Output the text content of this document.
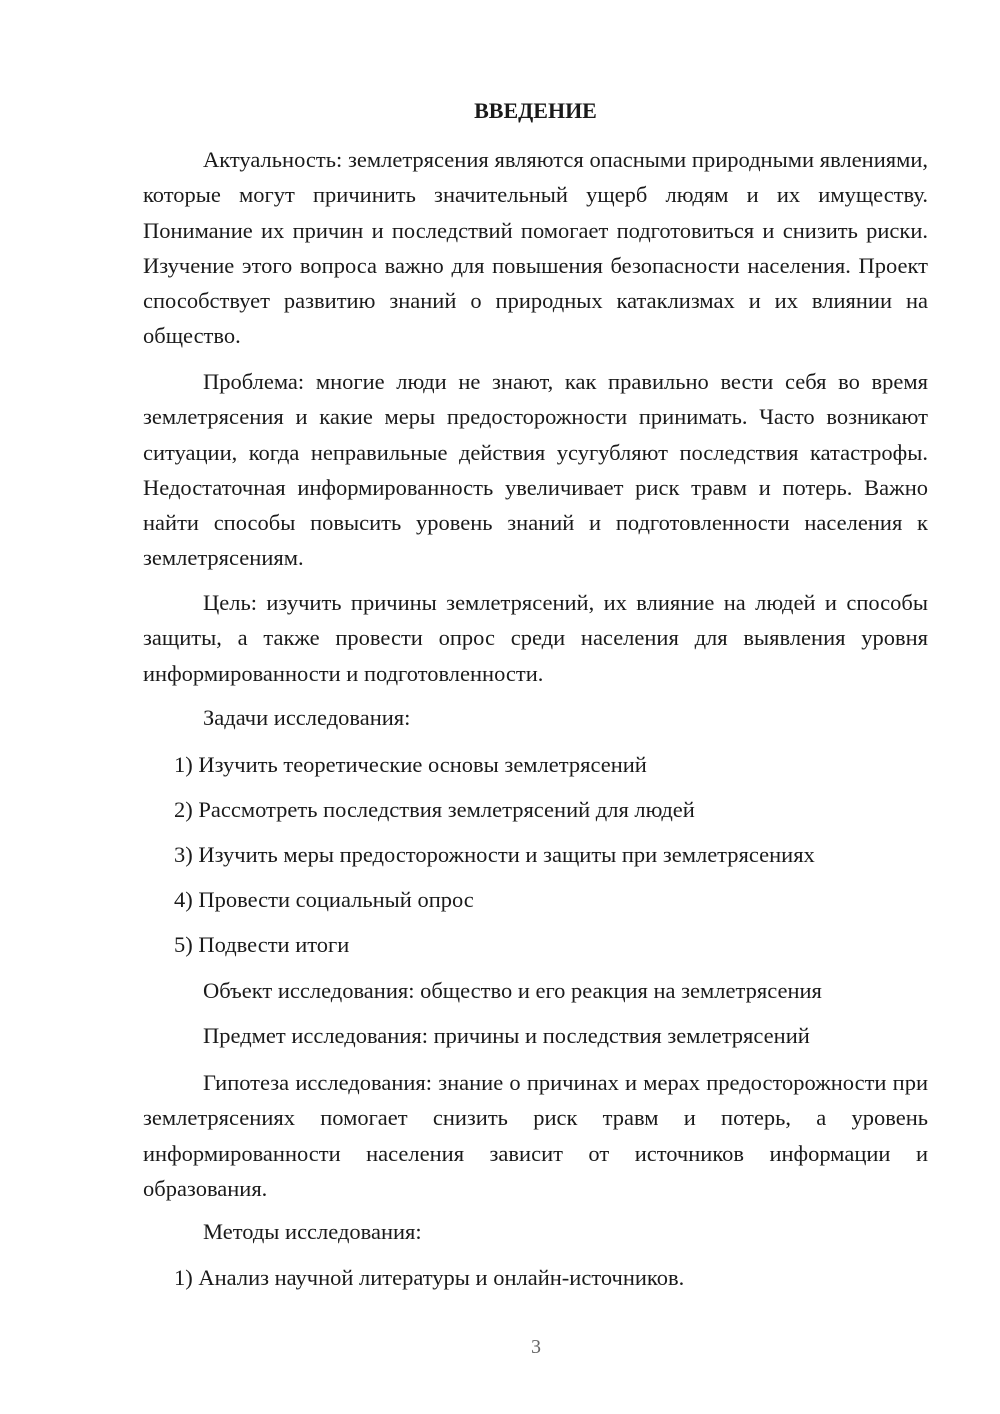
ВВЕДЕНИЕ

Актуальность: землетрясения являются опасными природными явлениями, которые могут причинить значительный ущерб людям и их имуществу. Понимание их причин и последствий помогает подготовиться и снизить риски. Изучение этого вопроса важно для повышения безопасности населения. Проект способствует развитию знаний о природных катаклизмах и их влиянии на общество.

Проблема: многие люди не знают, как правильно вести себя во время землетрясения и какие меры предосторожности принимать. Часто возникают ситуации, когда неправильные действия усугубляют последствия катастрофы. Недостаточная информированность увеличивает риск травм и потерь. Важно найти способы повысить уровень знаний и подготовленности населения к землетрясениям.

Цель: изучить причины землетрясений, их влияние на людей и способы защиты, а также провести опрос среди населения для выявления уровня информированности и подготовленности.

Задачи исследования:

1) Изучить теоретические основы землетрясений

2) Рассмотреть последствия землетрясений для людей

3) Изучить меры предосторожности и защиты при землетрясениях

4) Провести социальный опрос

5) Подвести итоги

Объект исследования: общество и его реакция на землетрясения

Предмет исследования: причины и последствия землетрясений

Гипотеза исследования: знание о причинах и мерах предосторожности при землетрясениях помогает снизить риск травм и потерь, а уровень информированности населения зависит от источников информации и образования.

Методы исследования:

1) Анализ научной литературы и онлайн-источников.

3
